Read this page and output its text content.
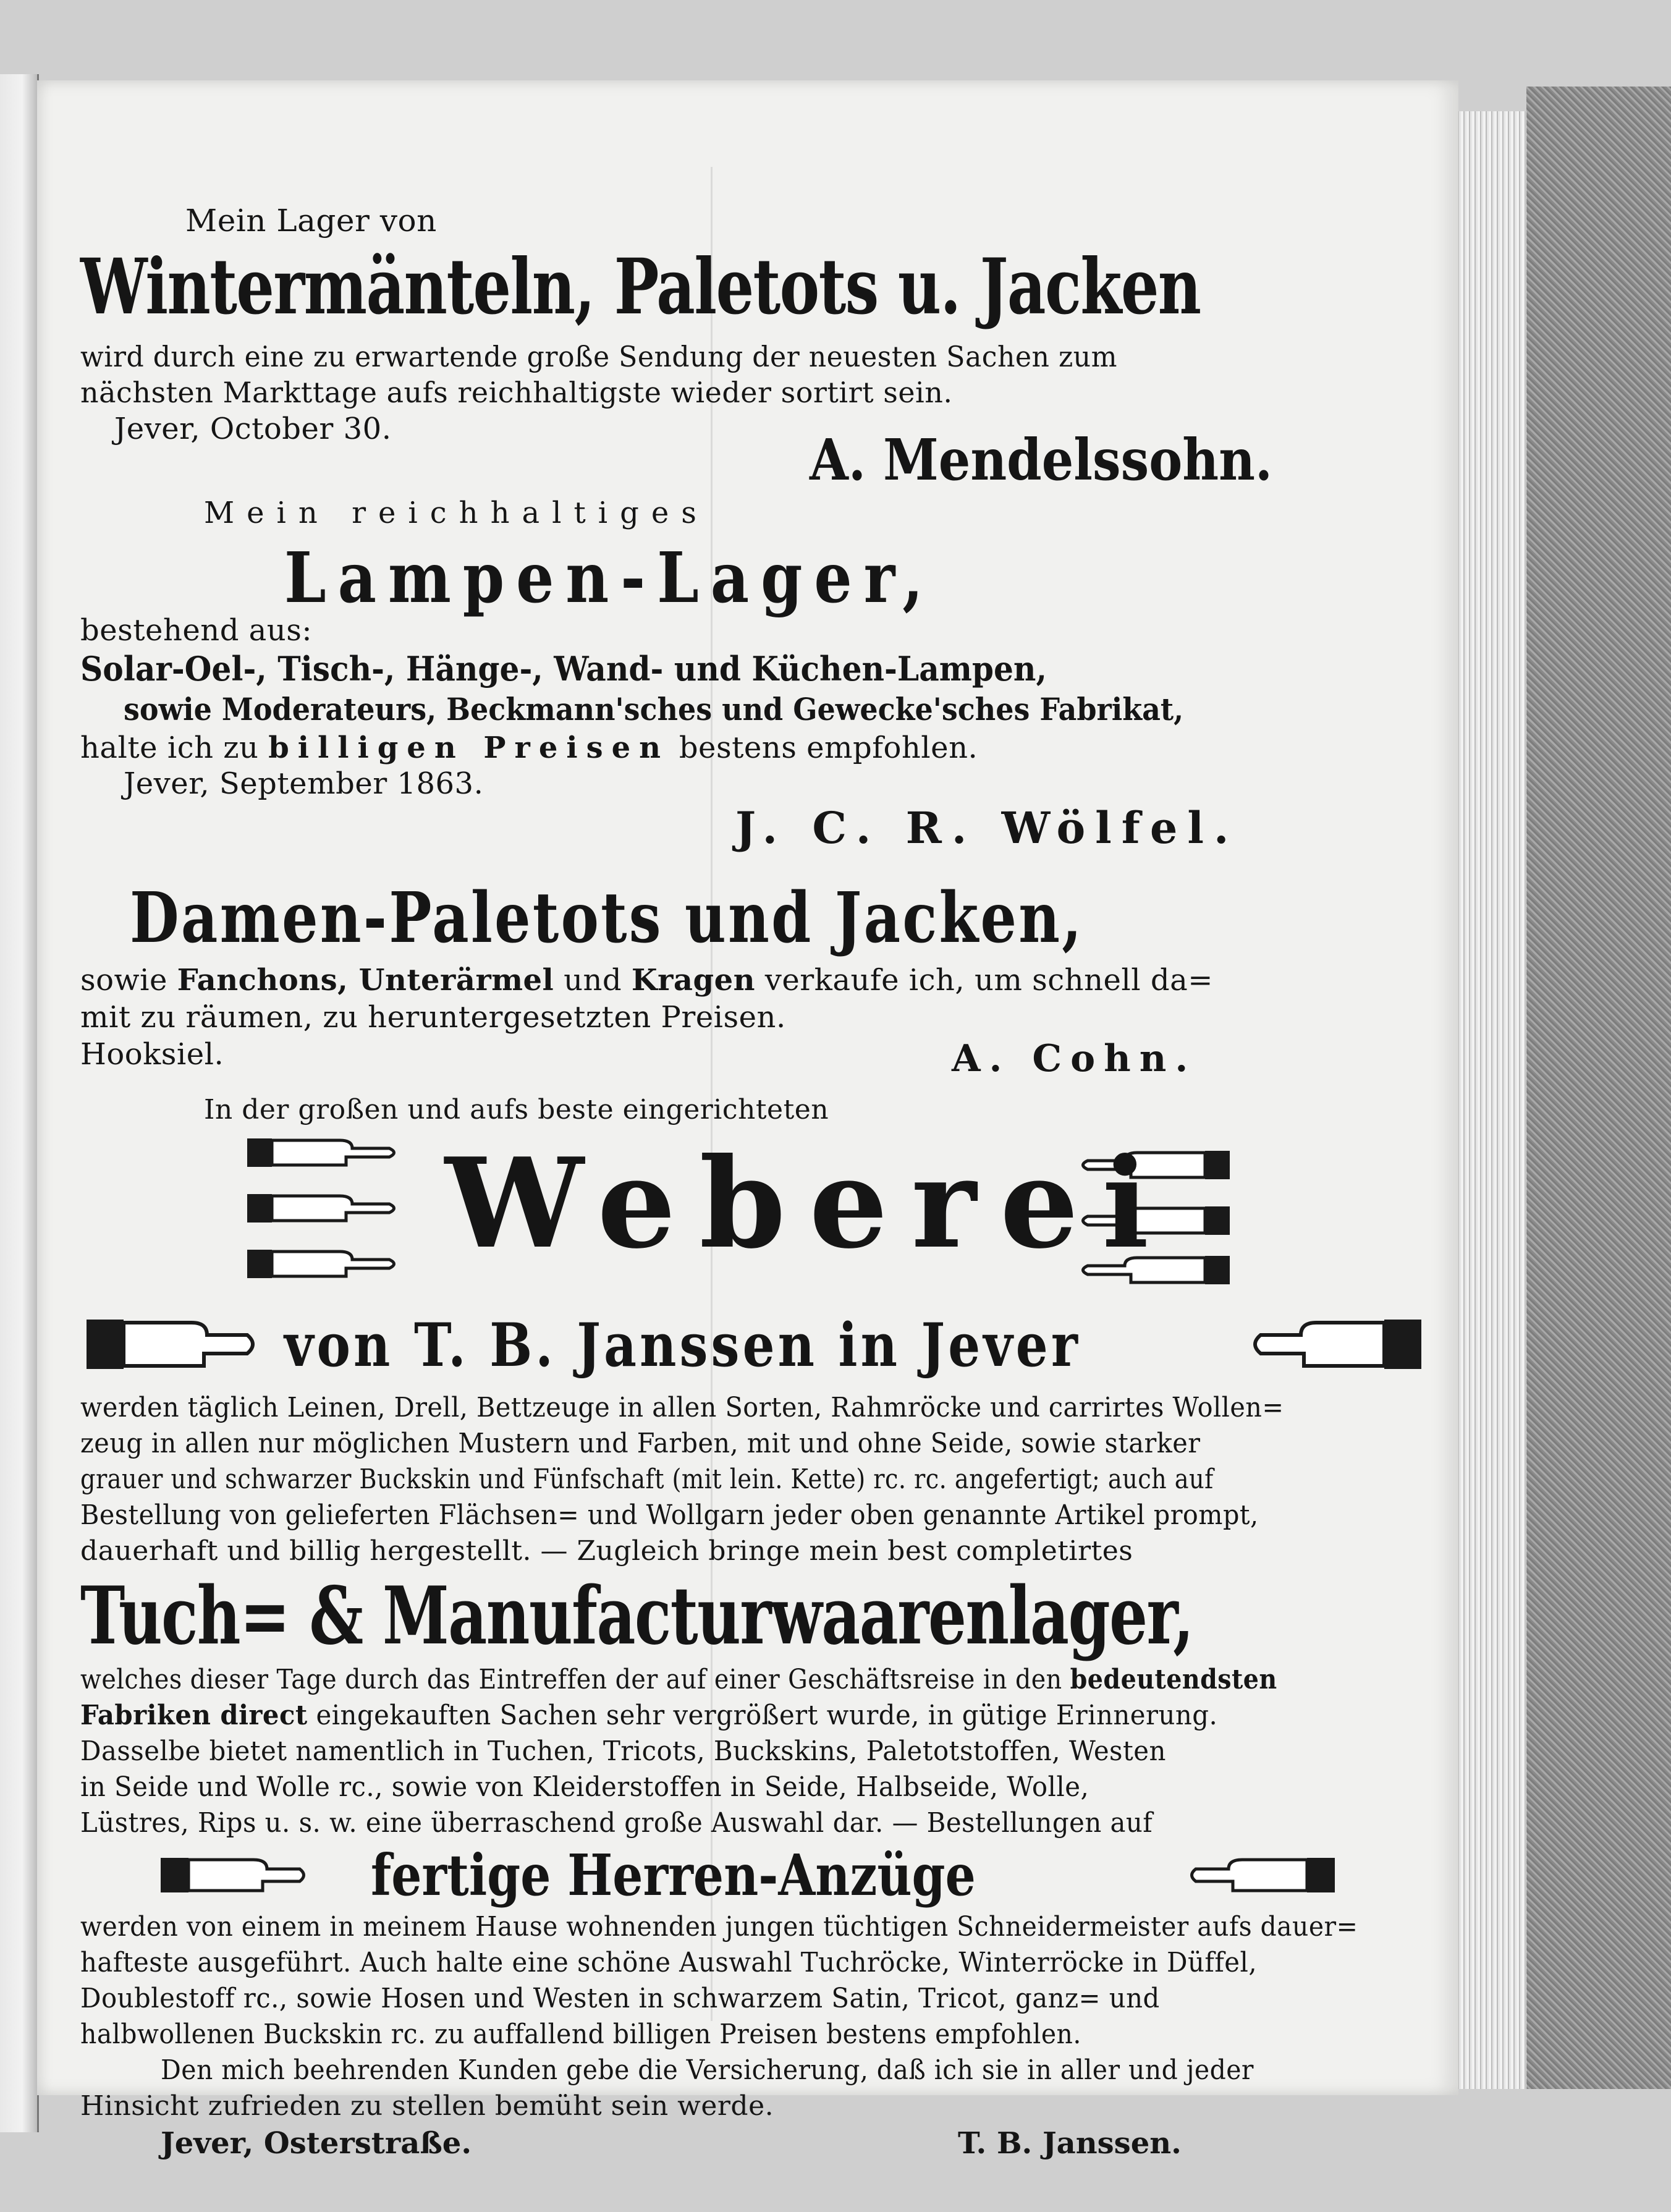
Mein Lager von
Wintermänteln, Paletots u. Jacken
wird durch eine zu erwartende große Sendung der neuesten Sachen zum
nächsten Markttage aufs reichhaltigste wieder sortirt sein.
Jever, October 30.	A. Mendelssohn.
Mein reichhaltiges
Lampen-Lager,
bestehend aus:
Solar-Oel-, Tisch-, Hänge-, Wand- und Küchen-Lampen,
sowie Moderateurs, Beckmann'sches und Gewecke'sches Fabrikat,
halte ich zu billigen Preisen bestens empfohlen.
Jever, September 1863.
J. C. R. Wölfel.
Damen-Paletots und Jacken,
sowie Fanchons, Unterärmel und Kragen verkaufe ich, um schnell da=
mit zu räumen, zu heruntergesetzten Preisen.
Hooksiel.	A. Cohn.
In der großen und aufs beste eingerichteten
Weberei
von T. B. Janssen in Jever
werden täglich Leinen, Drell, Bettzeuge in allen Sorten, Rahmröcke und carrirtes Wollen=
zeug in allen nur möglichen Mustern und Farben, mit und ohne Seide, sowie starker
grauer und schwarzer Buckskin und Fünfschaft (mit lein. Kette) rc. rc. angefertigt; auch auf
Bestellung von gelieferten Flächsen= und Wollgarn jeder oben genannte Artikel prompt,
dauerhaft und billig hergestellt. — Zugleich bringe mein best completirtes
Tuch= & Manufacturwaarenlager,
welches dieser Tage durch das Eintreffen der auf einer Geschäftsreise in den bedeutendsten
Fabriken direct eingekauften Sachen sehr vergrößert wurde, in gütige Erinnerung.
Dasselbe bietet namentlich in Tuchen, Tricots, Buckskins, Paletotstoffen, Westen
in Seide und Wolle rc., sowie von Kleiderstoffen in Seide, Halbseide, Wolle,
Lüstres, Rips u. s. w. eine überraschend große Auswahl dar. — Bestellungen auf
fertige Herren-Anzüge
werden von einem in meinem Hause wohnenden jungen tüchtigen Schneidermeister aufs dauer=
hafteste ausgeführt. Auch halte eine schöne Auswahl Tuchröcke, Winterröcke in Düffel,
Doublestoff rc., sowie Hosen und Westen in schwarzem Satin, Tricot, ganz= und
halbwollenen Buckskin rc. zu auffallend billigen Preisen bestens empfohlen.
Den mich beehrenden Kunden gebe die Versicherung, daß ich sie in aller und jeder
Hinsicht zufrieden zu stellen bemüht sein werde.
Jever, Osterstraße.	T. B. Janssen.
